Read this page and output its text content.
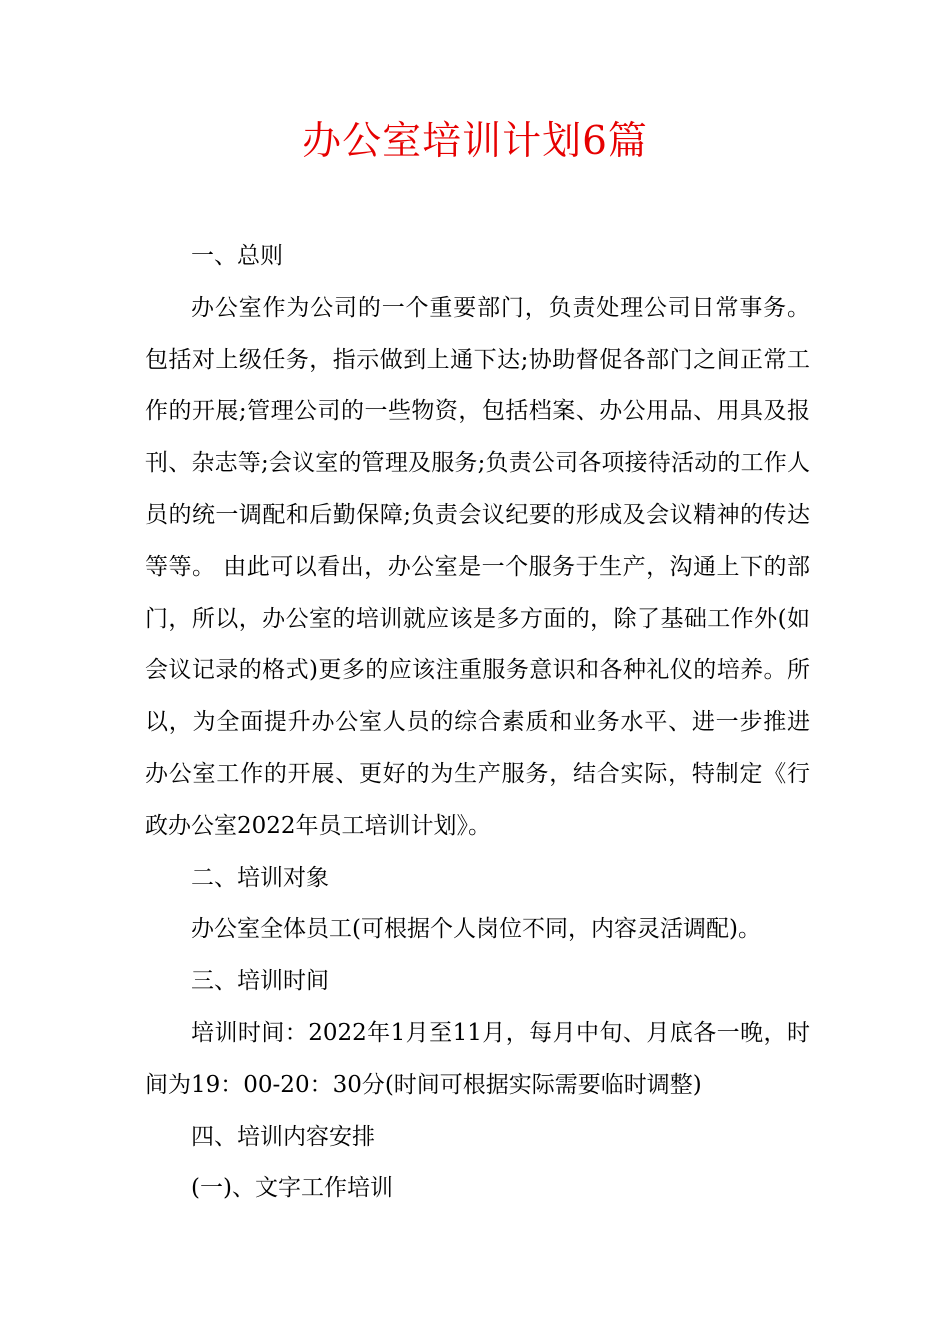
办公室培训计划6篇

一、总则

办公室作为公司的一个重要部门，负责处理公司日常事务。包括对上级任务，指示做到上通下达;协助督促各部门之间正常工作的开展;管理公司的一些物资，包括档案、办公用品、用具及报刊、杂志等;会议室的管理及服务;负责公司各项接待活动的工作人员的统一调配和后勤保障;负责会议纪要的形成及会议精神的传达等等。 由此可以看出，办公室是一个服务于生产，沟通上下的部门，所以，办公室的培训就应该是多方面的，除了基础工作外(如会议记录的格式)更多的应该注重服务意识和各种礼仪的培养。所以，为全面提升办公室人员的综合素质和业务水平、进一步推进办公室工作的开展、更好的为生产服务，结合实际，特制定《行政办公室2022年员工培训计划》。

二、培训对象

办公室全体员工(可根据个人岗位不同，内容灵活调配)。

三、培训时间

培训时间：2022年1月至11月，每月中旬、月底各一晚，时间为19：00-20：30分(时间可根据实际需要临时调整)

四、培训内容安排

(一)、文字工作培训
